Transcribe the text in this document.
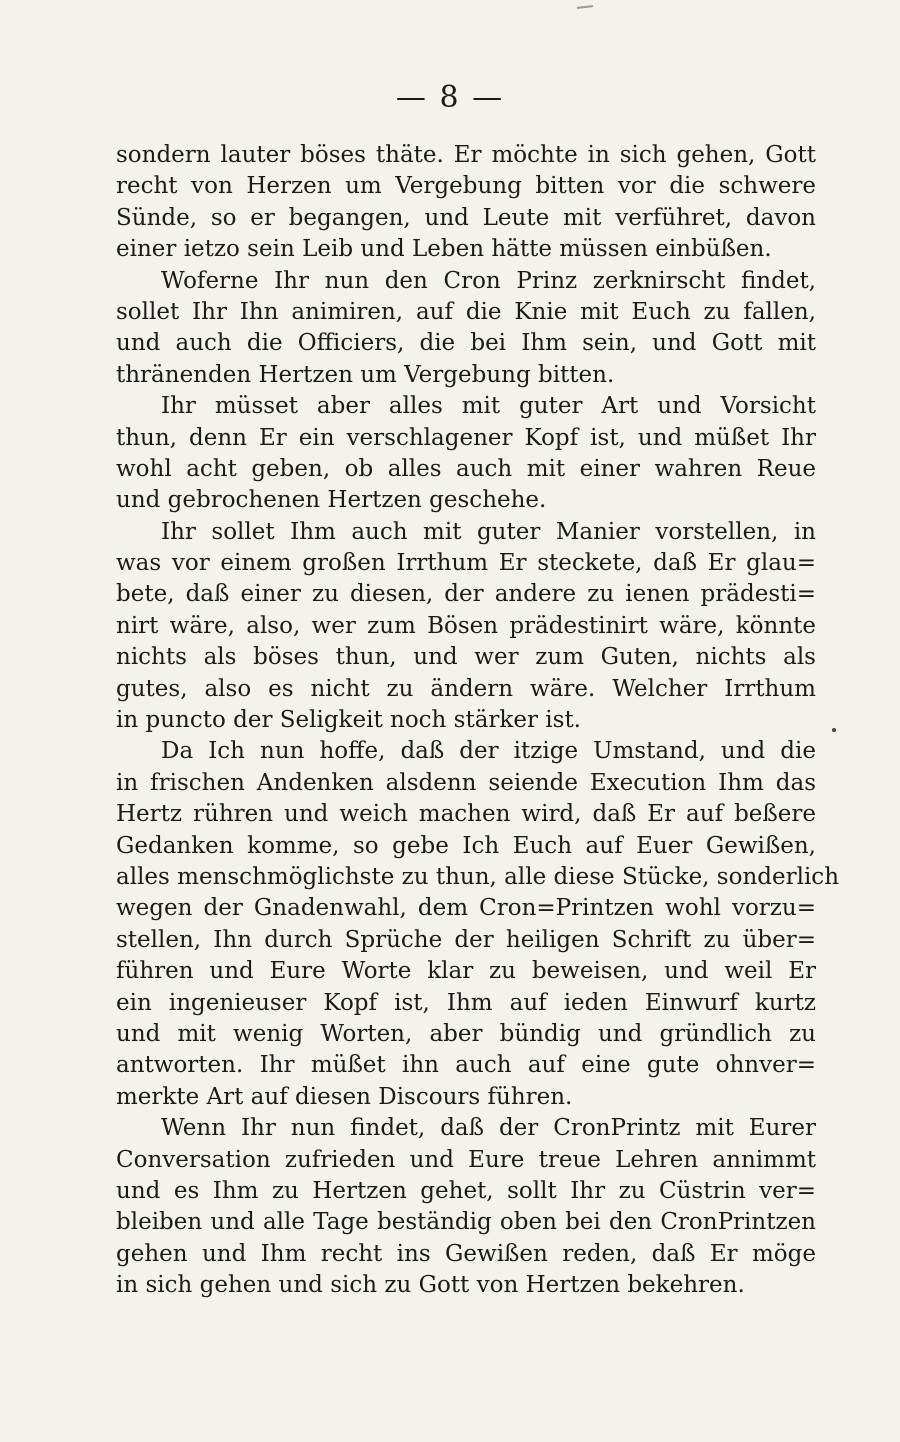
— 8 —
sondern lauter böses thäte. Er möchte in sich gehen, Gott
recht von Herzen um Vergebung bitten vor die schwere
Sünde, so er begangen, und Leute mit verführet, davon
einer ietzo sein Leib und Leben hätte müssen einbüßen.
Woferne Ihr nun den Cron Prinz zerknirscht findet,
sollet Ihr Ihn animiren, auf die Knie mit Euch zu fallen,
und auch die Officiers, die bei Ihm sein, und Gott mit
thränenden Hertzen um Vergebung bitten.
Ihr müsset aber alles mit guter Art und Vorsicht
thun, denn Er ein verschlagener Kopf ist, und müßet Ihr
wohl acht geben, ob alles auch mit einer wahren Reue
und gebrochenen Hertzen geschehe.
Ihr sollet Ihm auch mit guter Manier vorstellen, in
was vor einem großen Irrthum Er steckete, daß Er glau=
bete, daß einer zu diesen, der andere zu ienen prädesti=
nirt wäre, also, wer zum Bösen prädestinirt wäre, könnte
nichts als böses thun, und wer zum Guten, nichts als
gutes, also es nicht zu ändern wäre. Welcher Irrthum
in puncto der Seligkeit noch stärker ist.
Da Ich nun hoffe, daß der itzige Umstand, und die
in frischen Andenken alsdenn seiende Execution Ihm das
Hertz rühren und weich machen wird, daß Er auf beßere
Gedanken komme, so gebe Ich Euch auf Euer Gewißen,
alles menschmöglichste zu thun, alle diese Stücke, sonderlich
wegen der Gnadenwahl, dem Cron=Printzen wohl vorzu=
stellen, Ihn durch Sprüche der heiligen Schrift zu über=
führen und Eure Worte klar zu beweisen, und weil Er
ein ingenieuser Kopf ist, Ihm auf ieden Einwurf kurtz
und mit wenig Worten, aber bündig und gründlich zu
antworten. Ihr müßet ihn auch auf eine gute ohnver=
merkte Art auf diesen Discours führen.
Wenn Ihr nun findet, daß der CronPrintz mit Eurer
Conversation zufrieden und Eure treue Lehren annimmt
und es Ihm zu Hertzen gehet, sollt Ihr zu Cüstrin ver=
bleiben und alle Tage beständig oben bei den CronPrintzen
gehen und Ihm recht ins Gewißen reden, daß Er möge
in sich gehen und sich zu Gott von Hertzen bekehren.
